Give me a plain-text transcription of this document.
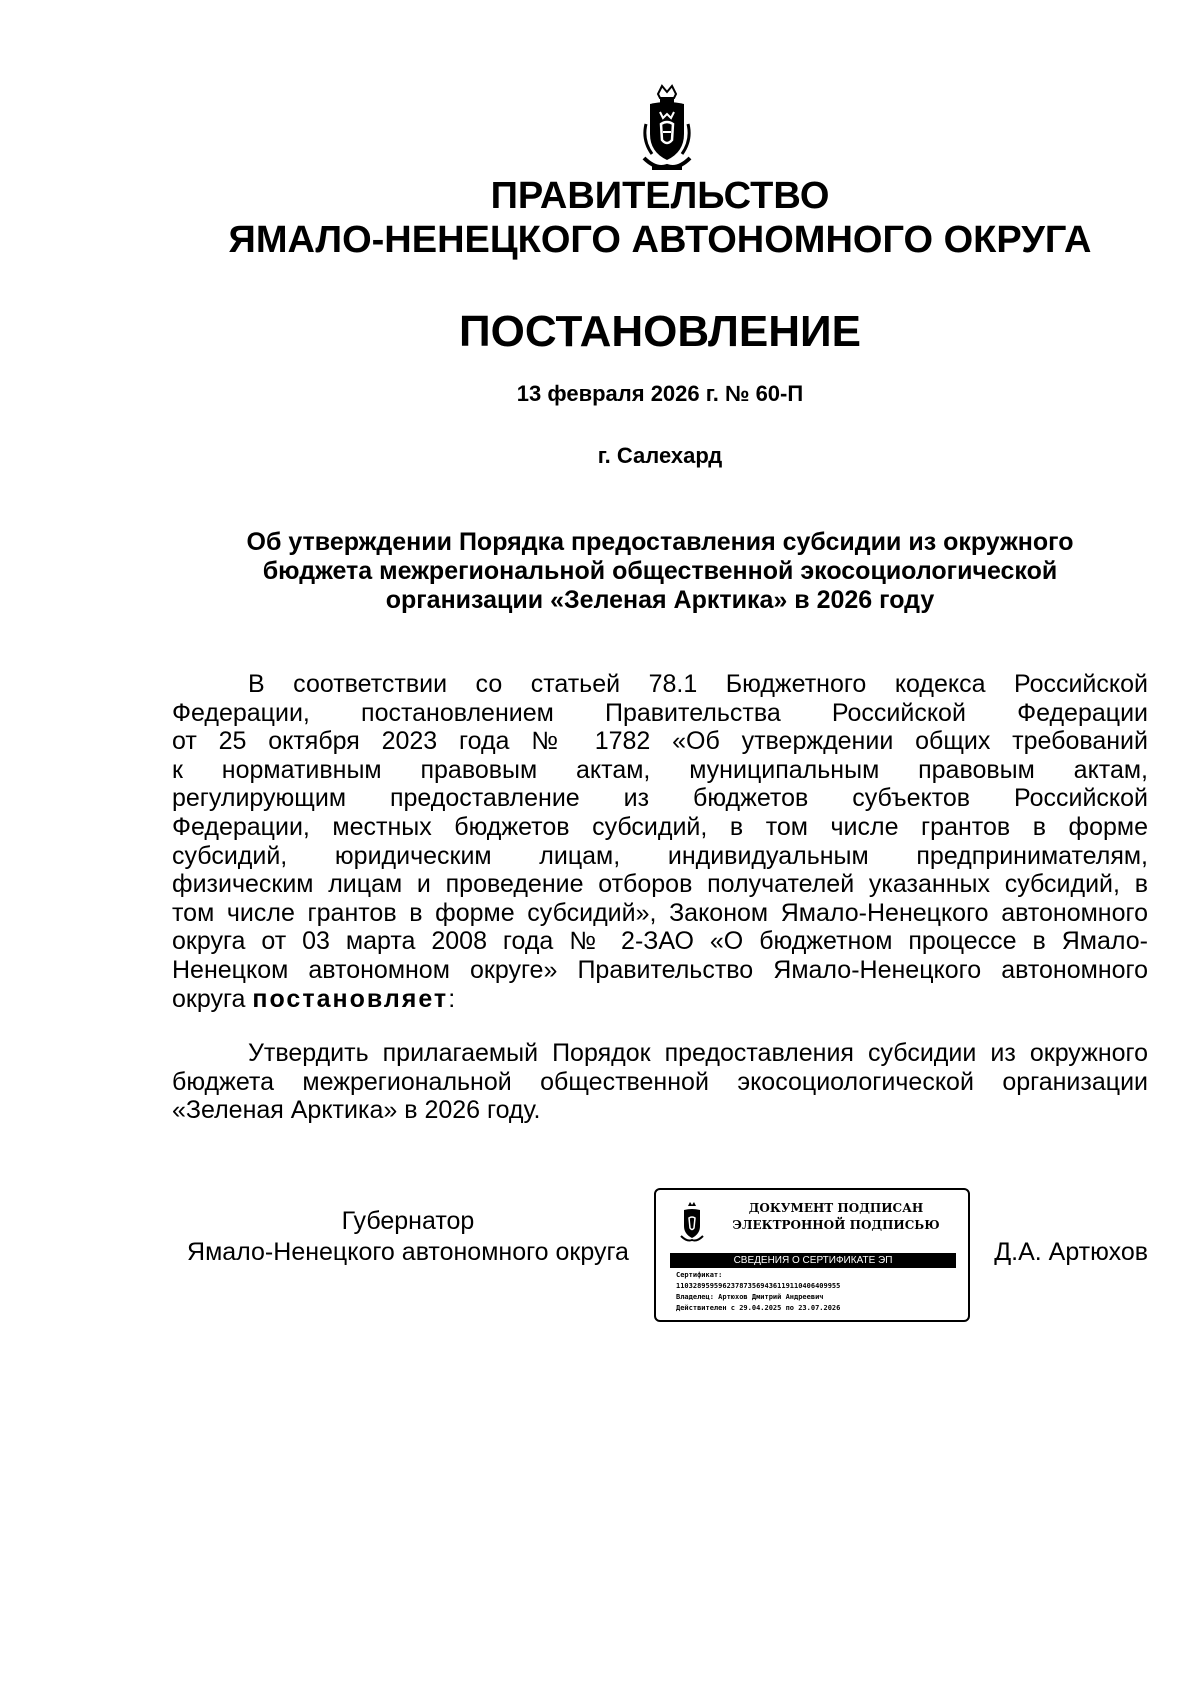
ПРАВИТЕЛЬСТВО
ЯМАЛО-НЕНЕЦКОГО АВТОНОМНОГО ОКРУГА
ПОСТАНОВЛЕНИЕ
13 февраля 2026 г. № 60-П
г. Салехард
Об утверждении Порядка предоставления субсидии из окружного
бюджета межрегиональной общественной экосоциологической
организации «Зеленая Арктика» в 2026 году
В соответствии со статьей 78.1 Бюджетного кодекса Российской
Федерации, постановлением Правительства Российской Федерации
от 25 октября 2023 года № 1782 «Об утверждении общих требований
к нормативным правовым актам, муниципальным правовым актам,
регулирующим предоставление из бюджетов субъектов Российской
Федерации, местных бюджетов субсидий, в том числе грантов в форме
субсидий, юридическим лицам, индивидуальным предпринимателям,
физическим лицам и проведение отборов получателей указанных субсидий, в
том числе грантов в форме субсидий», Законом Ямало-Ненецкого автономного
округа от 03 марта 2008 года № 2-ЗАО «О бюджетном процессе в Ямало-
Ненецком автономном округе» Правительство Ямало-Ненецкого автономного
округа постановляет:
Утвердить прилагаемый Порядок предоставления субсидии из окружного
бюджета межрегиональной общественной экосоциологической организации
«Зеленая Арктика» в 2026 году.
Губернатор
Ямало-Ненецкого автономного округа
ДОКУМЕНТ ПОДПИСАН
ЭЛЕКТРОННОЙ ПОДПИСЬЮ
СВЕДЕНИЯ О СЕРТИФИКАТЕ ЭП
Сертификат:
110328959596237873569436119110406409955
Владелец: Артюхов Дмитрий Андреевич
Действителен с 29.04.2025 по 23.07.2026
Д.А. Артюхов
